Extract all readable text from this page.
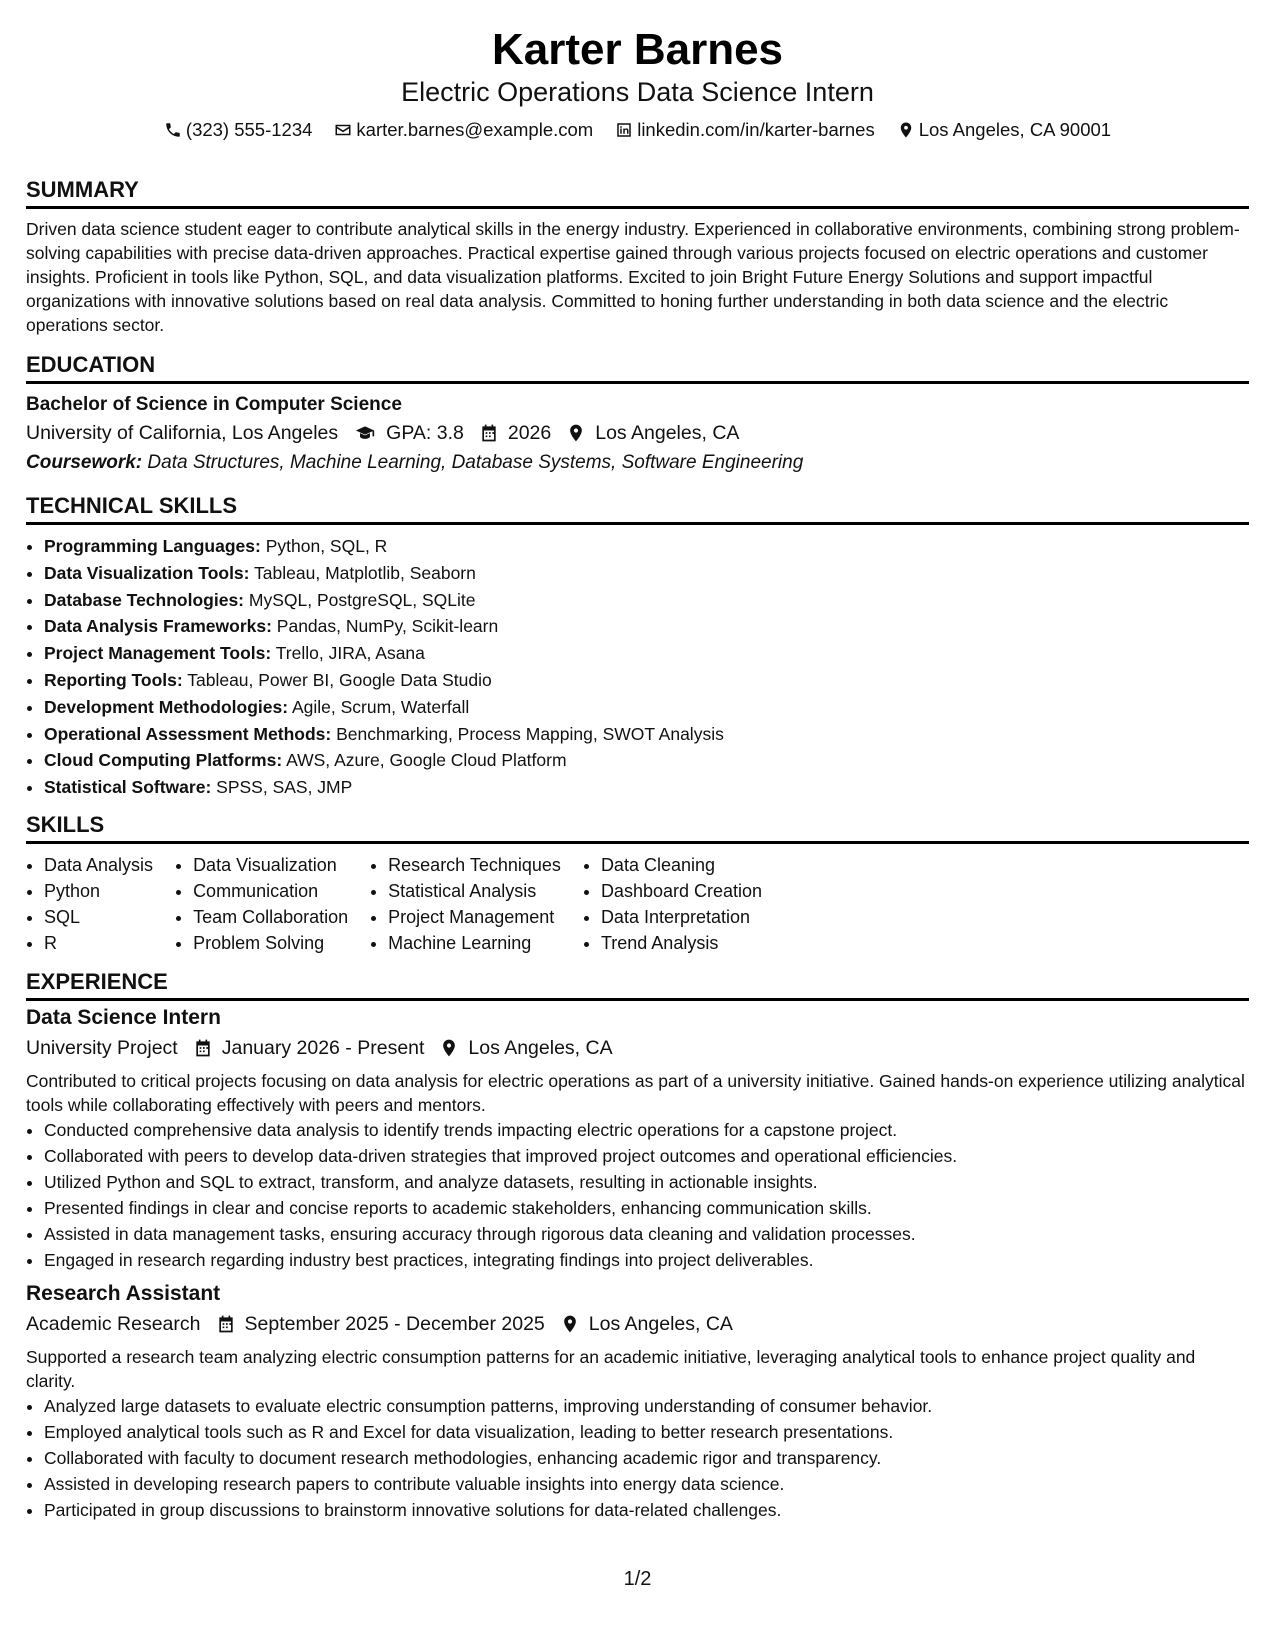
Karter Barnes
Electric Operations Data Science Intern
(323) 555-1234 karter.barnes@example.com linkedin.com/in/karter-barnes Los Angeles, CA 90001
SUMMARY

Driven data science student eager to contribute analytical skills in the energy industry. Experienced in collaborative environments, combining strong problem-solving capabilities with precise data-driven approaches. Practical expertise gained through various projects focused on electric operations and customer insights. Proficient in tools like Python, SQL, and data visualization platforms. Excited to join Bright Future Energy Solutions and support impactful organizations with innovative solutions based on real data analysis. Committed to honing further understanding in both data science and the electric operations sector.

EDUCATION
Bachelor of Science in Computer Science
University of California, Los Angeles GPA: 3.8 2026 Los Angeles, CA
Coursework: Data Structures, Machine Learning, Database Systems, Software Engineering
TECHNICAL SKILLS
• Programming Languages: Python, SQL, R
• Data Visualization Tools: Tableau, Matplotlib, Seaborn
• Database Technologies: MySQL, PostgreSQL, SQLite
• Data Analysis Frameworks: Pandas, NumPy, Scikit-learn
• Project Management Tools: Trello, JIRA, Asana
• Reporting Tools: Tableau, Power BI, Google Data Studio
• Development Methodologies: Agile, Scrum, Waterfall
• Operational Assessment Methods: Benchmarking, Process Mapping, SWOT Analysis
• Cloud Computing Platforms: AWS, Azure, Google Cloud Platform
• Statistical Software: SPSS, SAS, JMP
SKILLS
• Data Analysis
• Python
• SQL
• R
• Data Visualization
• Communication
• Team Collaboration
• Problem Solving
• Research Techniques
• Statistical Analysis
• Project Management
• Machine Learning
• Data Cleaning
• Dashboard Creation
• Data Interpretation
• Trend Analysis
EXPERIENCE
Data Science Intern
University Project January 2026 - Present Los Angeles, CA
Contributed to critical projects focusing on data analysis for electric operations as part of a university initiative. Gained hands-on experience utilizing analytical tools while collaborating effectively with peers and mentors.
• Conducted comprehensive data analysis to identify trends impacting electric operations for a capstone project.
• Collaborated with peers to develop data-driven strategies that improved project outcomes and operational efficiencies.
• Utilized Python and SQL to extract, transform, and analyze datasets, resulting in actionable insights.
• Presented findings in clear and concise reports to academic stakeholders, enhancing communication skills.
• Assisted in data management tasks, ensuring accuracy through rigorous data cleaning and validation processes.
• Engaged in research regarding industry best practices, integrating findings into project deliverables.
Research Assistant
Academic Research September 2025 - December 2025 Los Angeles, CA
Supported a research team analyzing electric consumption patterns for an academic initiative, leveraging analytical tools to enhance project quality and clarity.
• Analyzed large datasets to evaluate electric consumption patterns, improving understanding of consumer behavior.
• Employed analytical tools such as R and Excel for data visualization, leading to better research presentations.
• Collaborated with faculty to document research methodologies, enhancing academic rigor and transparency.
• Assisted in developing research papers to contribute valuable insights into energy data science.
• Participated in group discussions to brainstorm innovative solutions for data-related challenges.
1/2
